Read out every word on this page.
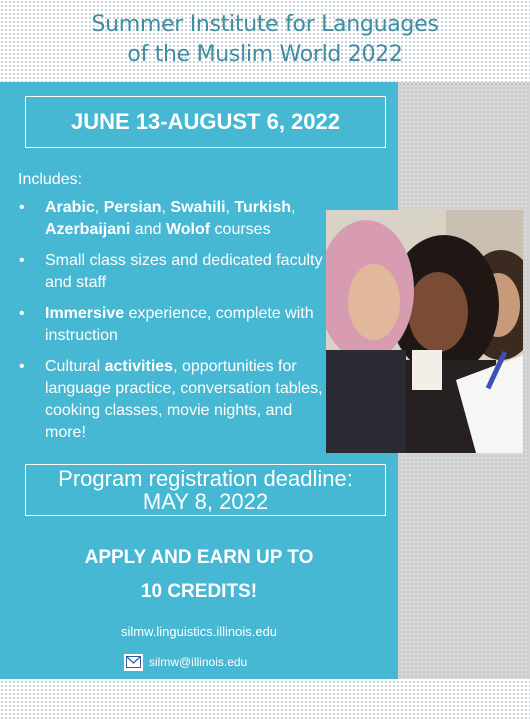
Summer Institute for Languages
of the Muslim World 2022
JUNE 13-AUGUST 6, 2022
Includes:
• Arabic, Persian, Swahili, Turkish, Azerbaijani and Wolof courses
• Small class sizes and dedicated faculty and staff
• Immersive experience, complete with instruction
• Cultural activities, opportunities for language practice, conversation tables, cooking classes, movie nights, and more!
Program registration deadline:
MAY 8, 2022
APPLY AND EARN UP TO
10 CREDITS!
silmw.linguistics.illinois.edu
silmw@illinois.edu
